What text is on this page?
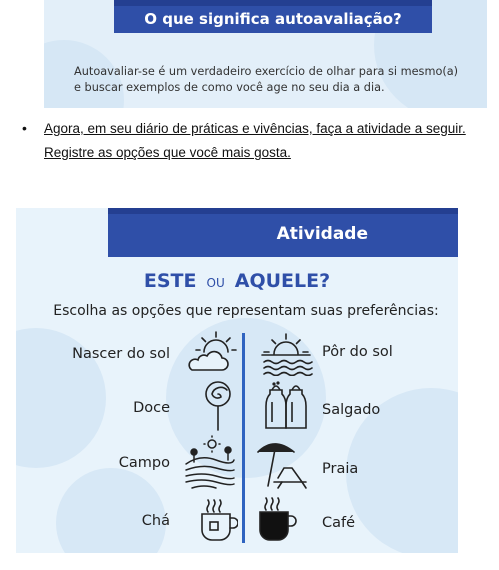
O que significa autoavaliação?
Autoavaliar-se é um verdadeiro exercício de olhar para si mesmo(a)
e buscar exemplos de como você age no seu dia a dia.
• Agora, em seu diário de práticas e vivências, faça a atividade a seguir.
Registre as opções que você mais gosta.
Atividade
ESTE OU AQUELE?
Escolha as opções que representam suas preferências:
Nascer do sol	Pôr do sol
Doce	Salgado
Campo	Praia
Chá	Café
